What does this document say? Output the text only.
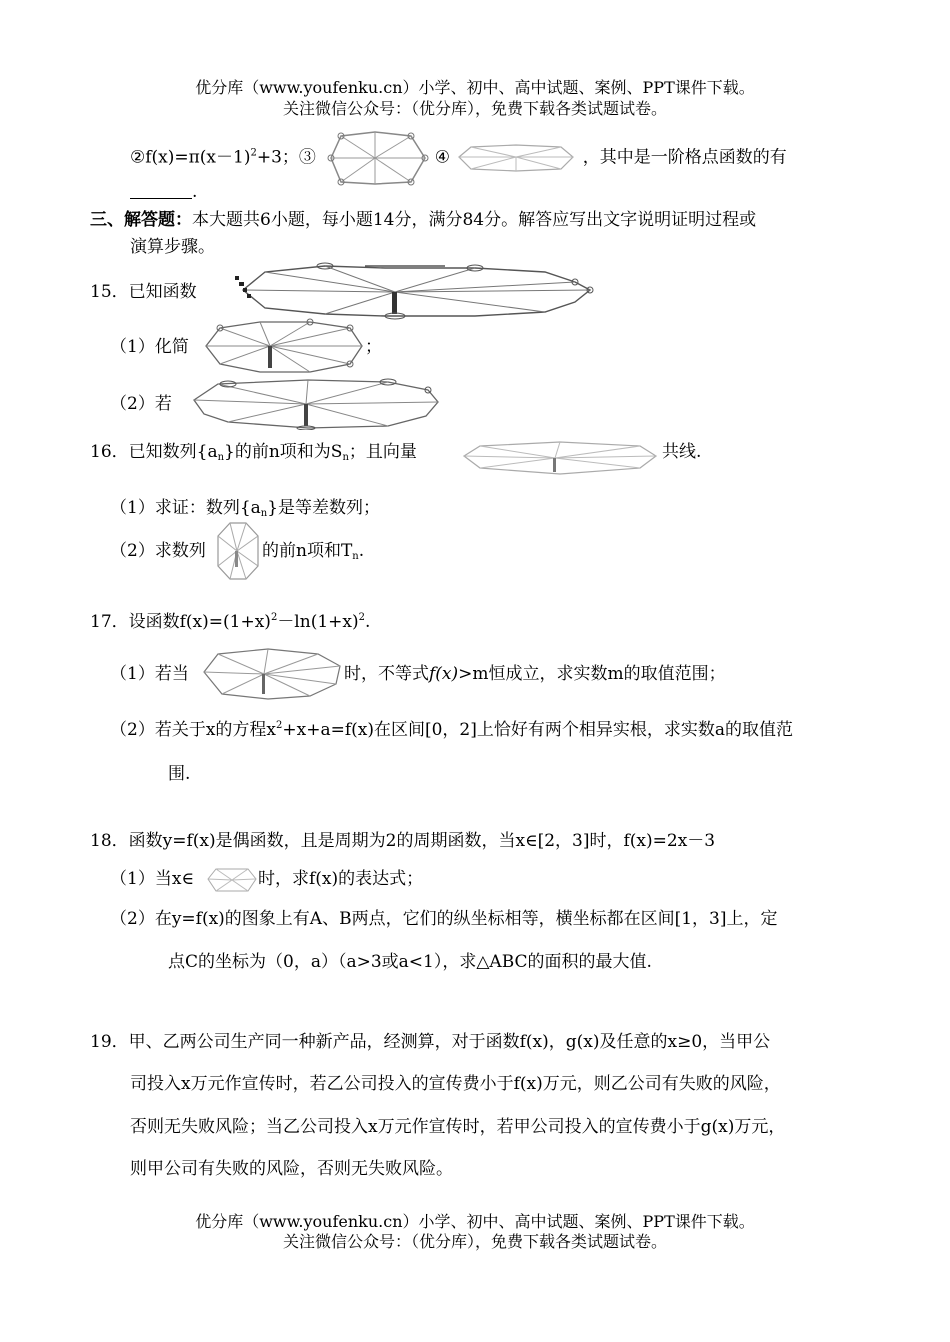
优分库（www.youfenku.cn）小学、初中、高中试题、案例、PPT课件下载。
关注微信公众号：（优分库），免费下载各类试题试卷。
$②f(x)=\pi(x-1)^2+3$；③	④	，其中是一阶格点函数的有
.
三、解答题：本大题共6小题，每小题14分，满分84分。解答应写出文字说明证明过程或
演算步骤。
15．已知函数
（1）化简	；
（2）若
16．已知数列$\{a_n\}$的前n项和为$S_n$；且向量	共线.
（1）求证：数列$\{a_n\}$是等差数列；
（2）求数列	的前n项和$T_n$.
17．设函数$f(x)=(1+x)^2-\ln(1+x)^2$.
（1）若当	时，不等式f(x)>m恒成立，求实数m的取值范围；
（2）若关于x的方程$x^2+x+a=f(x)$在区间[0，2]上恰好有两个相异实根，求实数a的取值范
围.
18．函数y=f(x)是偶函数，且是周期为2的周期函数，当x∈[2，3]时，f(x)=2x－3
（1）当x∈	时，求f(x)的表达式；
（2）在y=f(x)的图象上有A、B两点，它们的纵坐标相等，横坐标都在区间[1，3]上，定
点C的坐标为（0，a）（a>3或a<1），求△ABC的面积的最大值.
19．甲、乙两公司生产同一种新产品，经测算，对于函数f(x)，g(x)及任意的x≥0，当甲公
司投入x万元作宣传时，若乙公司投入的宣传费小于f(x)万元，则乙公司有失败的风险，
否则无失败风险；当乙公司投入x万元作宣传时，若甲公司投入的宣传费小于g(x)万元，
则甲公司有失败的风险，否则无失败风险。
优分库（www.youfenku.cn）小学、初中、高中试题、案例、PPT课件下载。
关注微信公众号：（优分库），免费下载各类试题试卷。
